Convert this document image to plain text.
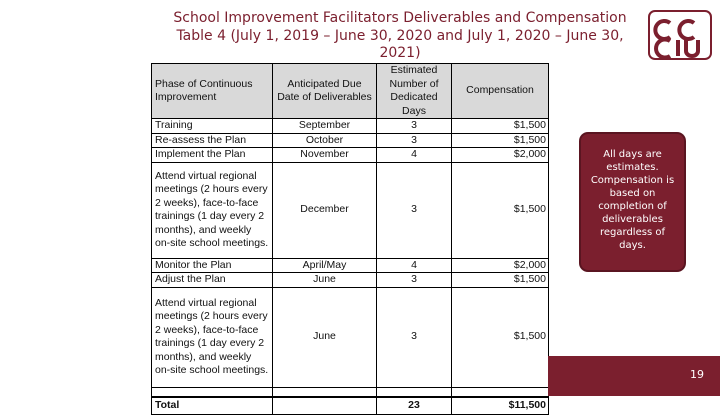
School Improvement Facilitators Deliverables and Compensation
Table 4 (July 1, 2019 – June 30, 2020 and July 1, 2020 – June 30,
2021)
Phase of Continuous Improvement	Anticipated Due Date of Deliverables	Estimated Number of Dedicated Days	Compensation
Training	September	3	$1,500
Re-assess the Plan	October	3	$1,500
Implement the Plan	November	4	$2,000
Attend virtual regional meetings (2 hours every 2 weeks), face-to-face trainings (1 day every 2 months), and weekly on-site school meetings.	December	3	$1,500
Monitor the Plan	April/May	4	$2,000
Adjust the Plan	June	3	$1,500
Attend virtual regional meetings (2 hours every 2 weeks), face-to-face trainings (1 day every 2 months), and weekly on-site school meetings.	June	3	$1,500

Total		23	$11,500
All days are estimates. Compensation is based on completion of deliverables regardless of days.
19
